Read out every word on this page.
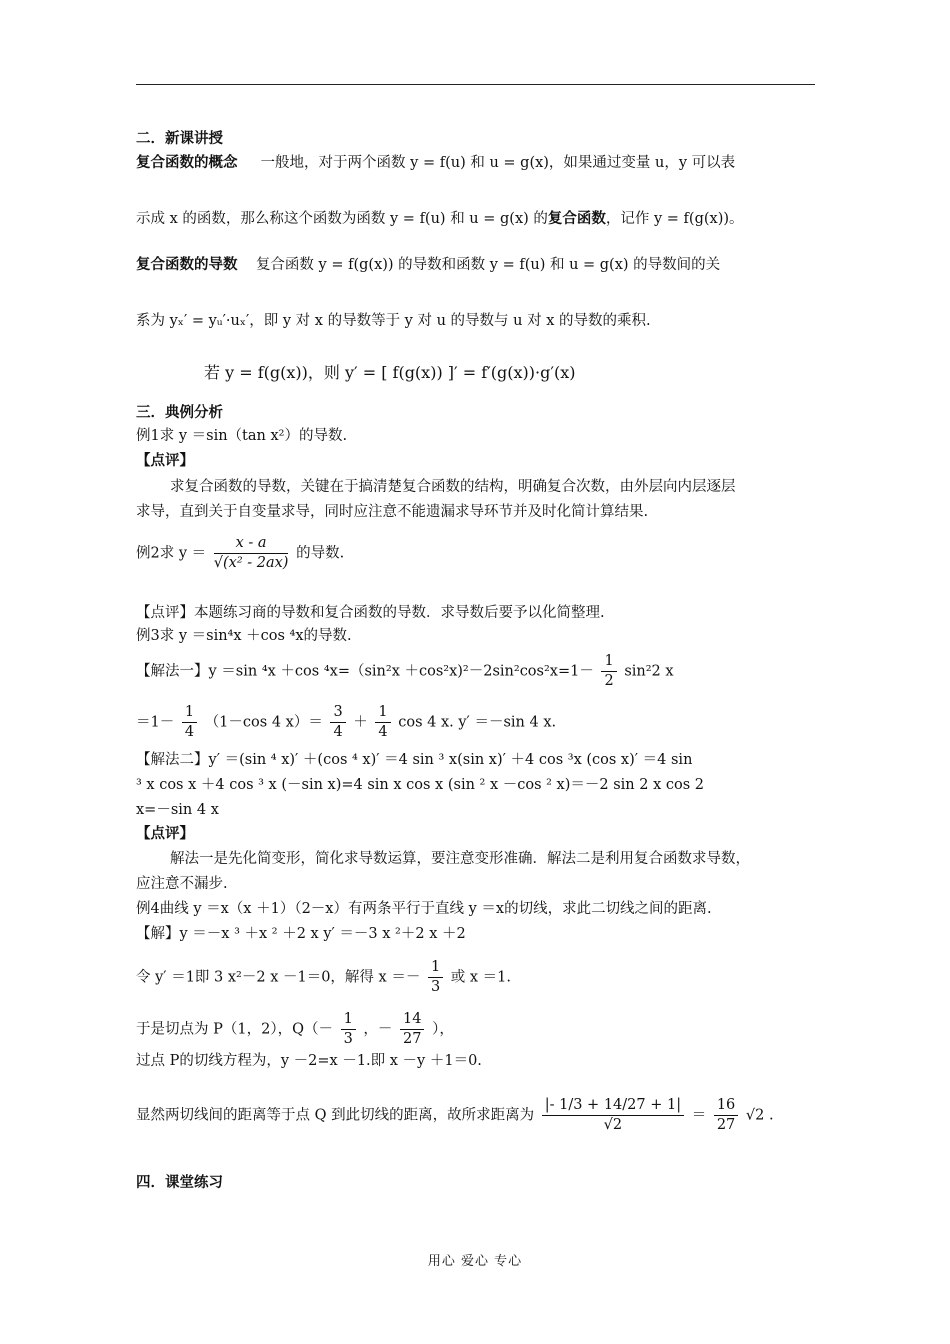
二．新课讲授
复合函数的概念 一般地，对于两个函数 y = f(u) 和 u = g(x)，如果通过变量 u，y 可以表
示成 x 的函数，那么称这个函数为函数 y = f(u) 和 u = g(x) 的复合函数，记作 y = f(g(x))。
复合函数的导数 复合函数 y = f(g(x)) 的导数和函数 y = f(u) 和 u = g(x) 的导数间的关
系为 yₓ′ = yᵤ′·uₓ′，即 y 对 x 的导数等于 y 对 u 的导数与 u 对 x 的导数的乘积.
若 y = f(g(x))，则 y′ = [ f(g(x)) ]′ = f′(g(x))·g′(x)
三．典例分析
例1求 y ＝sin（tan x²）的导数.
【点评】
求复合函数的导数，关键在于搞清楚复合函数的结构，明确复合次数，由外层向内层逐层
求导，直到关于自变量求导，同时应注意不能遗漏求导环节并及时化简计算结果.
例2求 $y = \frac{x - a}{\text{√(x² - 2ax)}}$ 的导数.
【点评】本题练习商的导数和复合函数的导数．求导数后要予以化简整理.
例3求 y ＝sin⁴x ＋cos ⁴x的导数.
【解法一】y ＝sin ⁴x ＋cos $^4x=(\sin^2x +\cos^2x)^2-2\sin^2\cos^2x=1- \frac{1}{2} \sin^22$ x
$=1- \frac{1}{4} (1-\cos$ 4 $x)= \frac{3}{4} + \frac{1}{4}$ cos 4 x. y′ ＝－sin 4 x.
【解法二】y′ ＝(sin ⁴ x)′ ＋(cos ⁴ x)′ ＝4 sin ³ x(sin x)′ ＋4 cos ³x (cos x)′ ＝4 sin
³ x cos x ＋4 cos ³ x (－sin x)=4 sin x cos x (sin ² x －cos ² x)＝－2 sin 2 x cos 2
x=－sin 4 x
【点评】
解法一是先化简变形，简化求导数运算，要注意变形准确．解法二是利用复合函数求导数，
应注意不漏步.
例4曲线 y ＝x（x ＋1）（2－x）有两条平行于直线 y ＝x的切线，求此二切线之间的距离.
【解】y ＝－x ³ ＋x ² ＋2 x y′ ＝－3 x ²＋2 x ＋2
令 y′ ＝1即 3 x²－2 x －1＝0，解得 $x =- \frac{1}{3}$ 或 x ＝1.
于是切点为 P（1，2），$Q(- \frac{1}{3}$ ，－ $\frac{14}{27}$ ），
过点 P的切线方程为，y －2=x －1.即 x －y ＋1＝0.
显然两切线间的距离等于点 Q 到此切线的距离，故所求距离为 $\frac{|- 1/3 + 14/27 + 1|}{√2} = \frac{16}{27} √2$ .
四．课堂练习
用心 爱心 专心
